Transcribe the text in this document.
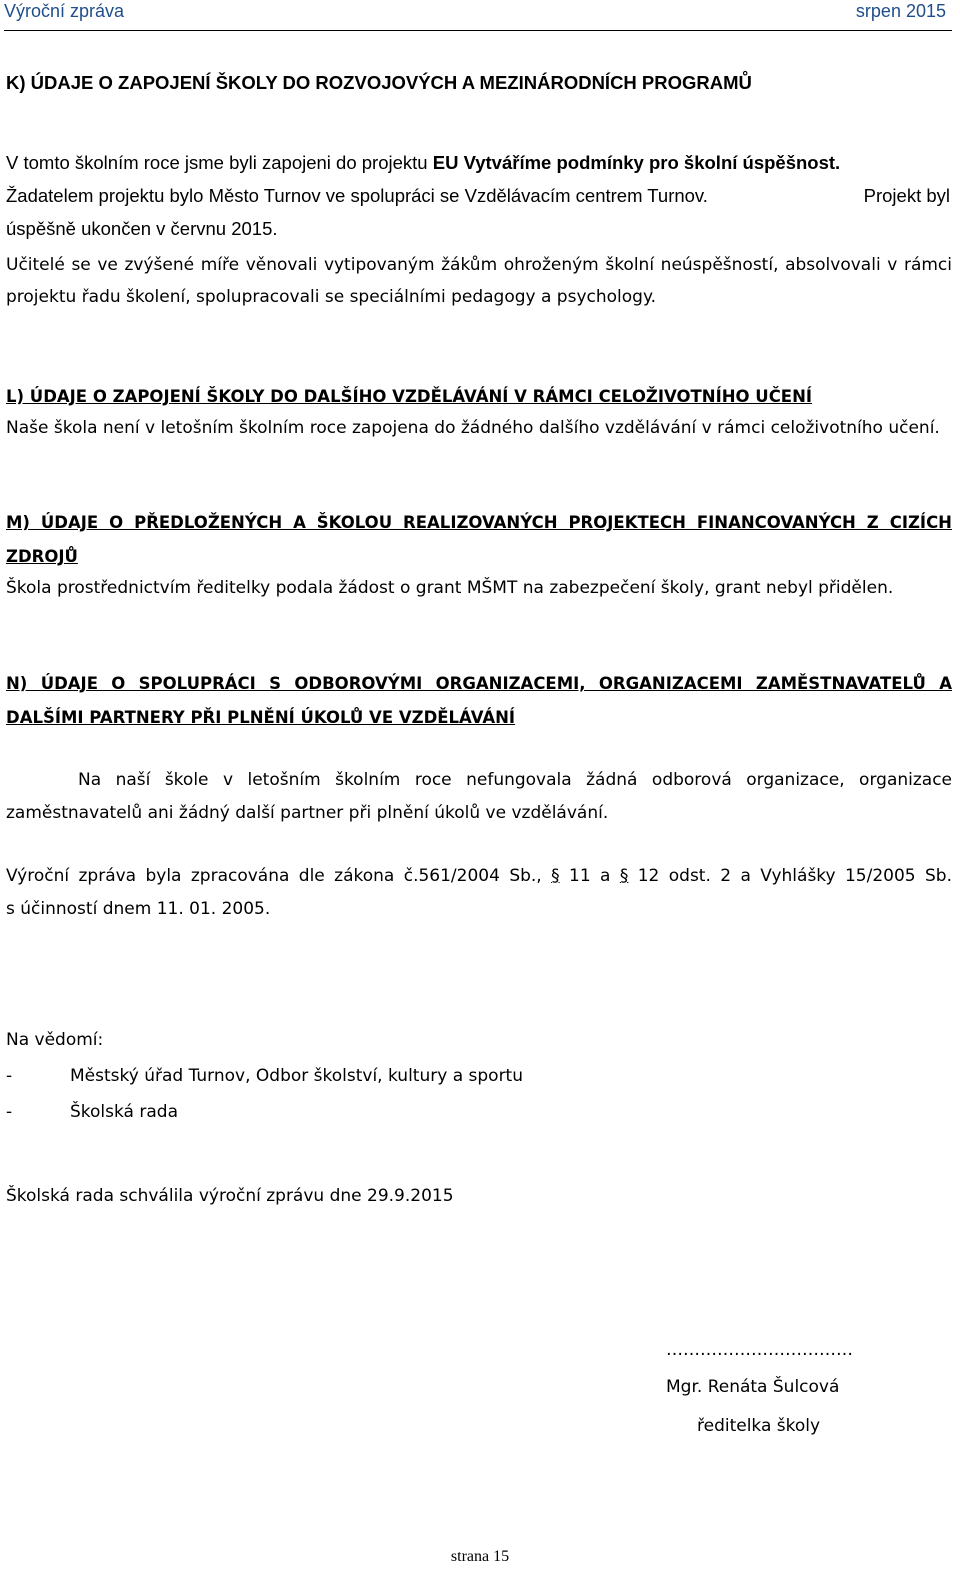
Výroční zpráva	srpen 2015
K) ÚDAJE O ZAPOJENÍ ŠKOLY DO ROZVOJOVÝCH A MEZINÁRODNÍCH PROGRAMŮ
V tomto školním roce jsme byli zapojeni do projektu EU Vytváříme podmínky pro školní úspěšnost.
Žadatelem projektu bylo Město Turnov ve spolupráci se Vzdělávacím centrem Turnov.	Projekt byl
úspěšně ukončen v červnu 2015.
Učitelé se ve zvýšené míře věnovali vytipovaným žákům ohroženým školní neúspěšností, absolvovali v rámci projektu řadu školení, spolupracovali se speciálními pedagogy a psychology.
L) ÚDAJE O ZAPOJENÍ ŠKOLY DO DALŠÍHO VZDĚLÁVÁNÍ V RÁMCI CELOŽIVOTNÍHO UČENÍ
Naše škola není v letošním školním roce zapojena do žádného dalšího vzdělávání v rámci celoživotního učení.
M) ÚDAJE O PŘEDLOŽENÝCH A ŠKOLOU REALIZOVANÝCH PROJEKTECH FINANCOVANÝCH Z CIZÍCH ZDROJŮ
Škola prostřednictvím ředitelky podala žádost o grant MŠMT na zabezpečení školy, grant nebyl přidělen.
N) ÚDAJE O SPOLUPRÁCI S ODBOROVÝMI ORGANIZACEMI, ORGANIZACEMI ZAMĚSTNAVATELŮ A DALŠÍMI PARTNERY PŘI PLNĚNÍ ÚKOLŮ VE VZDĚLÁVÁNÍ
Na naší škole v letošním školním roce nefungovala žádná odborová organizace, organizace
zaměstnavatelů ani žádný další partner při plnění úkolů ve vzdělávání.
Výroční zpráva byla zpracována dle zákona č.561/2004 Sb., § 11 a § 12 odst. 2 a Vyhlášky 15/2005 Sb.
s účinností dnem 11. 01. 2005.
Na vědomí:
-	Městský úřad Turnov, Odbor školství, kultury a sportu
-	Školská rada
Školská rada schválila výroční zprávu dne 29.9.2015
……………………………
Mgr. Renáta Šulcová
ředitelka školy
strana 15
